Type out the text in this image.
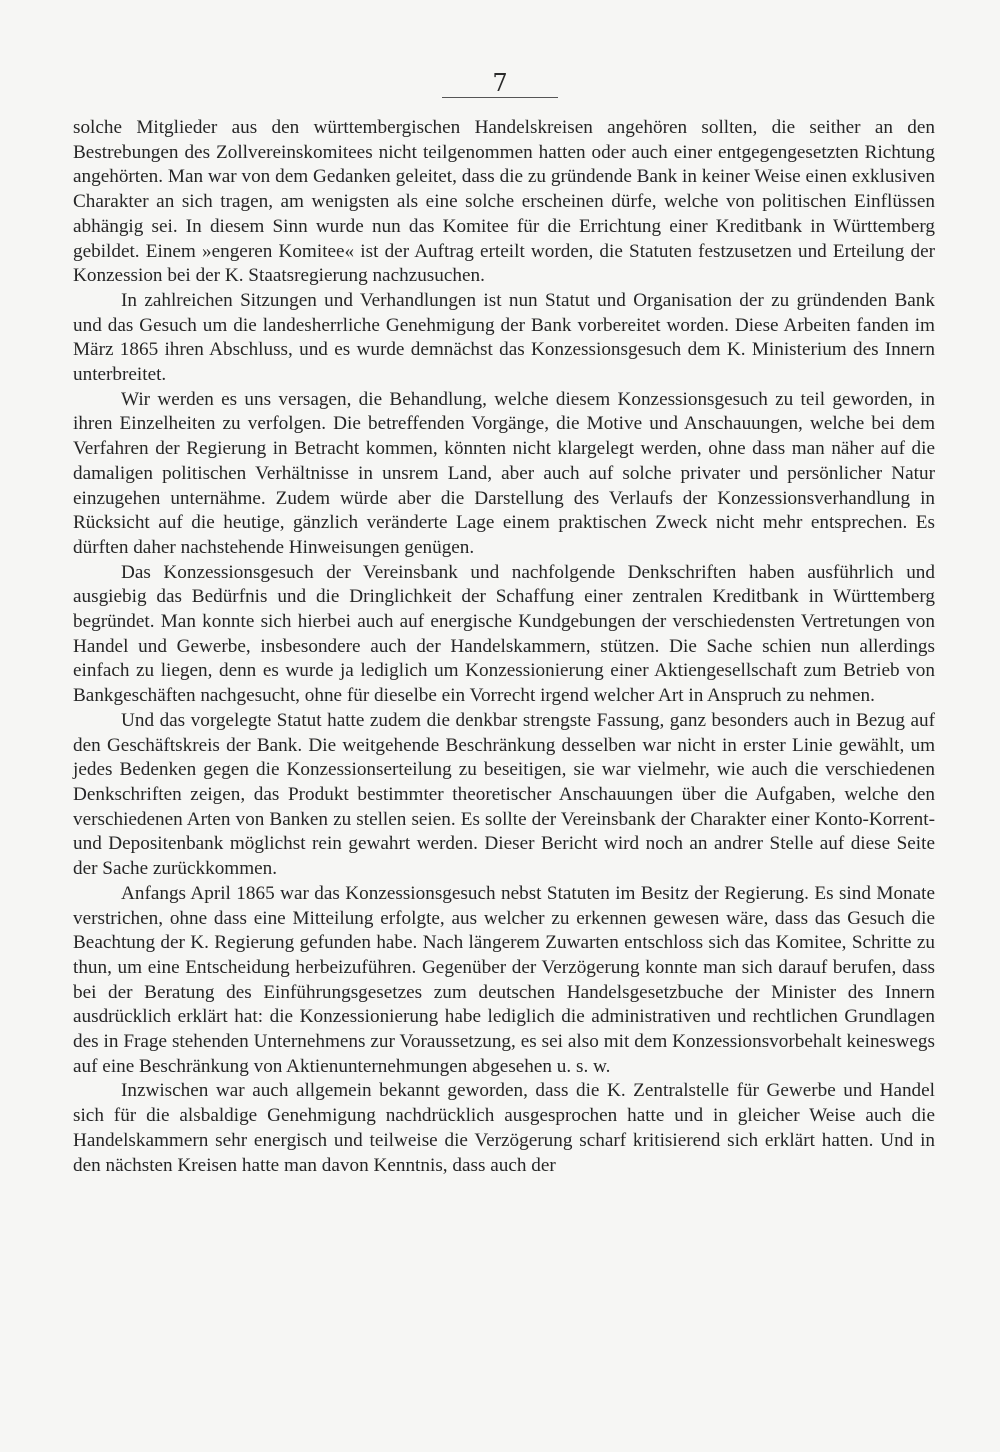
7

solche Mitglieder aus den württembergischen Handelskreisen angehören sollten, die seither an den Bestrebungen des Zollvereinskomitees nicht teilgenommen hatten oder auch einer entgegengesetzten Richtung angehörten. Man war von dem Gedanken geleitet, dass die zu gründende Bank in keiner Weise einen exklusiven Charakter an sich tragen, am wenigsten als eine solche erscheinen dürfe, welche von politischen Einflüssen abhängig sei. In diesem Sinn wurde nun das Komitee für die Errichtung einer Kreditbank in Württemberg gebildet. Einem »engeren Komitee« ist der Auftrag erteilt worden, die Statuten festzusetzen und Erteilung der Konzession bei der K. Staatsregierung nachzusuchen.

In zahlreichen Sitzungen und Verhandlungen ist nun Statut und Organisation der zu gründenden Bank und das Gesuch um die landesherrliche Genehmigung der Bank vorbereitet worden. Diese Arbeiten fanden im März 1865 ihren Abschluss, und es wurde demnächst das Konzessionsgesuch dem K. Ministerium des Innern unterbreitet.

Wir werden es uns versagen, die Behandlung, welche diesem Konzessionsgesuch zu teil geworden, in ihren Einzelheiten zu verfolgen. Die betreffenden Vorgänge, die Motive und Anschauungen, welche bei dem Verfahren der Regierung in Betracht kommen, könnten nicht klargelegt werden, ohne dass man näher auf die damaligen politischen Verhältnisse in unsrem Land, aber auch auf solche privater und persönlicher Natur einzugehen unternähme. Zudem würde aber die Darstellung des Verlaufs der Konzessionsverhandlung in Rücksicht auf die heutige, gänzlich veränderte Lage einem praktischen Zweck nicht mehr entsprechen. Es dürften daher nachstehende Hinweisungen genügen.

Das Konzessionsgesuch der Vereinsbank und nachfolgende Denkschriften haben ausführlich und ausgiebig das Bedürfnis und die Dringlichkeit der Schaffung einer zentralen Kreditbank in Württemberg begründet. Man konnte sich hierbei auch auf energische Kundgebungen der verschiedensten Vertretungen von Handel und Gewerbe, insbesondere auch der Handelskammern, stützen. Die Sache schien nun allerdings einfach zu liegen, denn es wurde ja lediglich um Konzessionierung einer Aktiengesellschaft zum Betrieb von Bankgeschäften nachgesucht, ohne für dieselbe ein Vorrecht irgend welcher Art in Anspruch zu nehmen.

Und das vorgelegte Statut hatte zudem die denkbar strengste Fassung, ganz besonders auch in Bezug auf den Geschäftskreis der Bank. Die weitgehende Beschränkung desselben war nicht in erster Linie gewählt, um jedes Bedenken gegen die Konzessionserteilung zu beseitigen, sie war vielmehr, wie auch die verschiedenen Denkschriften zeigen, das Produkt bestimmter theoretischer Anschauungen über die Aufgaben, welche den verschiedenen Arten von Banken zu stellen seien. Es sollte der Vereinsbank der Charakter einer Konto-Korrent- und Depositenbank möglichst rein gewahrt werden. Dieser Bericht wird noch an andrer Stelle auf diese Seite der Sache zurückkommen.

Anfangs April 1865 war das Konzessionsgesuch nebst Statuten im Besitz der Regierung. Es sind Monate verstrichen, ohne dass eine Mitteilung erfolgte, aus welcher zu erkennen gewesen wäre, dass das Gesuch die Beachtung der K. Regierung gefunden habe. Nach längerem Zuwarten entschloss sich das Komitee, Schritte zu thun, um eine Entscheidung herbeizuführen. Gegenüber der Verzögerung konnte man sich darauf berufen, dass bei der Beratung des Einführungsgesetzes zum deutschen Handelsgesetzbuche der Minister des Innern ausdrücklich erklärt hat: die Konzessionierung habe lediglich die administrativen und rechtlichen Grundlagen des in Frage stehenden Unternehmens zur Voraussetzung, es sei also mit dem Konzessionsvorbehalt keineswegs auf eine Beschränkung von Aktienunternehmungen abgesehen u. s. w.

Inzwischen war auch allgemein bekannt geworden, dass die K. Zentralstelle für Gewerbe und Handel sich für die alsbaldige Genehmigung nachdrücklich ausgesprochen hatte und in gleicher Weise auch die Handelskammern sehr energisch und teilweise die Verzögerung scharf kritisierend sich erklärt hatten. Und in den nächsten Kreisen hatte man davon Kenntnis, dass auch der
